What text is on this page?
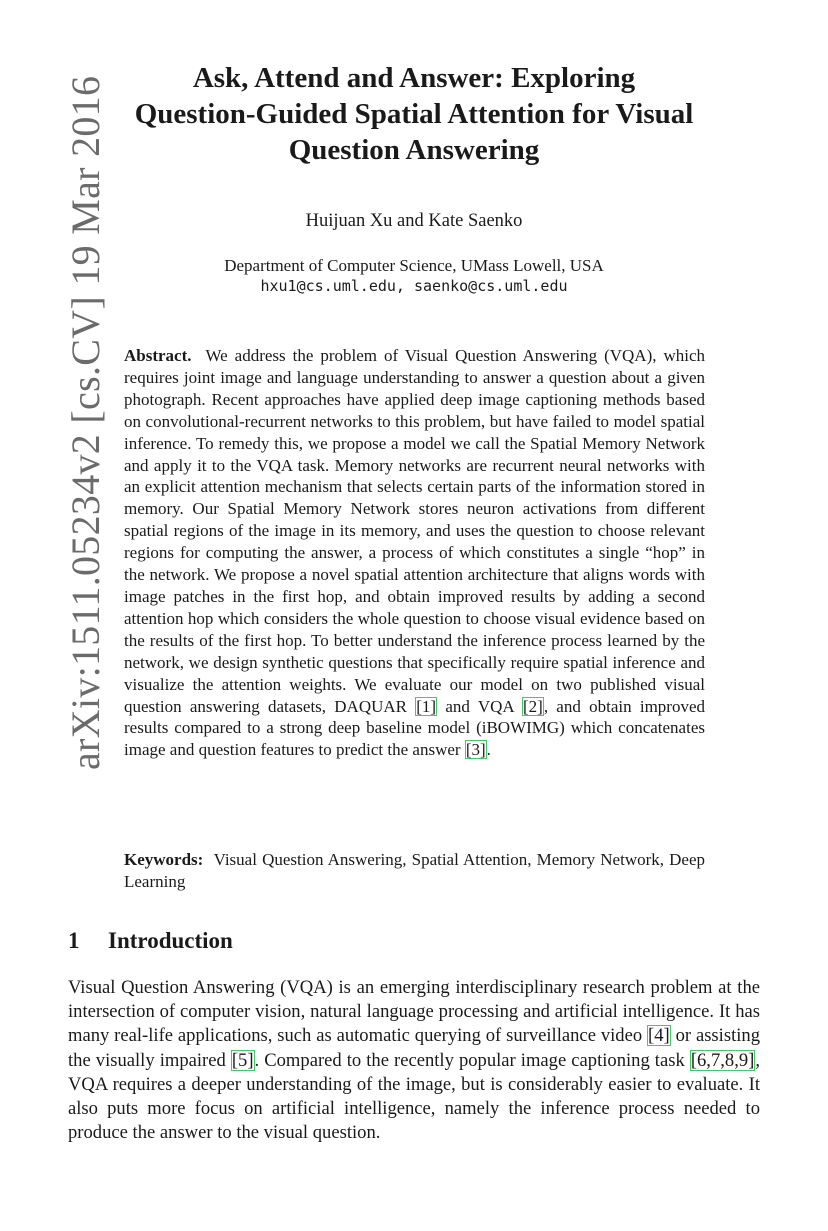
arXiv:1511.05234v2 [cs.CV] 19 Mar 2016	Ask, Attend and Answer: Exploring
Question-Guided Spatial Attention for Visual
Question Answering
Huijuan Xu and Kate Saenko
Department of Computer Science, UMass Lowell, USA
hxu1@cs.uml.edu, saenko@cs.uml.edu

Abstract. We address the problem of Visual Question Answering (VQA), which requires joint image and language understanding to answer a question about a given photograph. Recent approaches have applied deep image captioning methods based on convolutional-recurrent networks to this problem, but have failed to model spatial inference. To remedy this, we propose a model we call the Spatial Memory Network and apply it to the VQA task. Memory networks are recurrent neural networks with an explicit attention mechanism that selects certain parts of the information stored in memory. Our Spatial Memory Network stores neuron activations from different spatial regions of the image in its memory, and uses the question to choose relevant regions for computing the answer, a process of which constitutes a single “hop” in the network. We propose a novel spatial attention architecture that aligns words with image patches in the first hop, and obtain improved results by adding a second attention hop which considers the whole question to choose visual evidence based on the results of the first hop. To better understand the inference process learned by the network, we design synthetic questions that specifically require spatial inference and visualize the attention weights. We evaluate our model on two published visual question answering datasets, DAQUAR [1] and VQA [2], and obtain improved results compared to a strong deep baseline model (iBOWIMG) which concatenates image and question features to predict the answer [3].

Keywords: Visual Question Answering, Spatial Attention, Memory Network, Deep Learning

1 Introduction

Visual Question Answering (VQA) is an emerging interdisciplinary research problem at the intersection of computer vision, natural language processing and artificial intelligence. It has many real-life applications, such as automatic querying of surveillance video [4] or assisting the visually impaired [5]. Compared to the recently popular image captioning task [6,7,8,9], VQA requires a deeper understanding of the image, but is considerably easier to evaluate. It also puts more focus on artificial intelligence, namely the inference process needed to produce the answer to the visual question.
